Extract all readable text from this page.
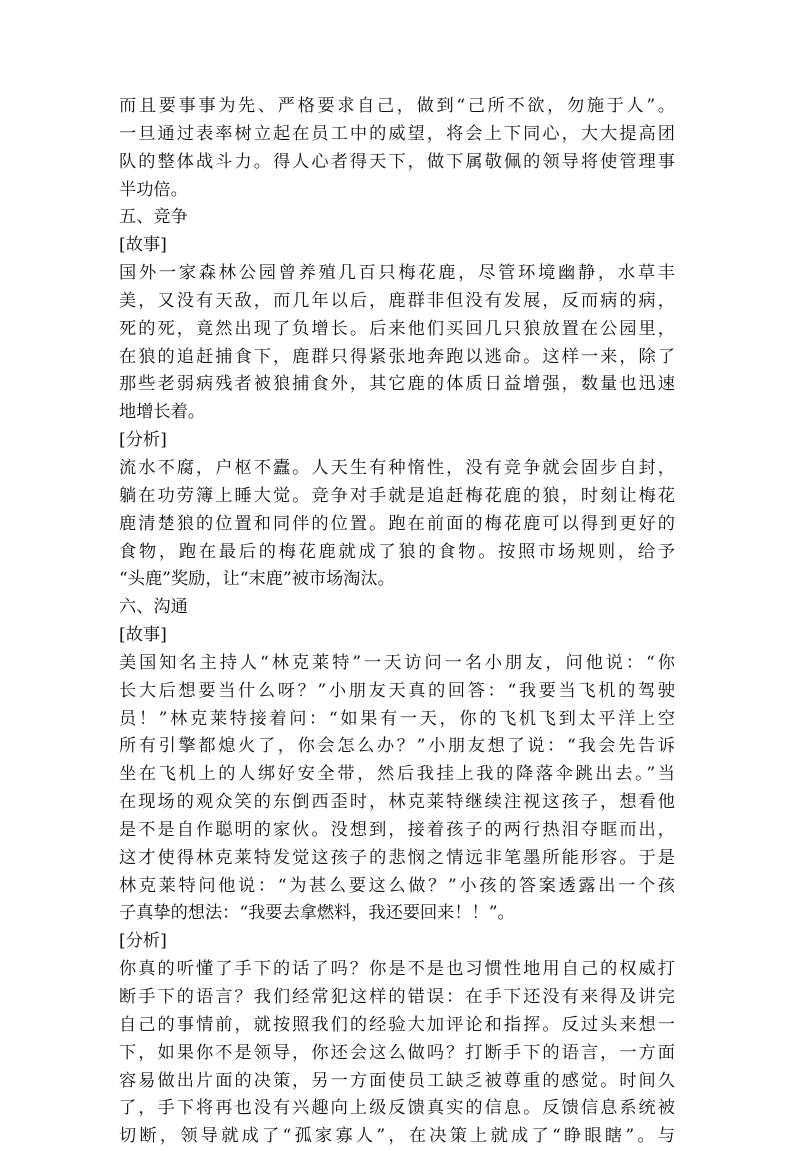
而且要事事为先、严格要求自己，做到“己所不欲，勿施于人”。
一旦通过表率树立起在员工中的威望，将会上下同心，大大提高团
队的整体战斗力。得人心者得天下，做下属敬佩的领导将使管理事
半功倍。
五、竞争
[故事]
国外一家森林公园曾养殖几百只梅花鹿，尽管环境幽静，水草丰
美，又没有天敌，而几年以后，鹿群非但没有发展，反而病的病，
死的死，竟然出现了负增长。后来他们买回几只狼放置在公园里，
在狼的追赶捕食下，鹿群只得紧张地奔跑以逃命。这样一来，除了
那些老弱病残者被狼捕食外，其它鹿的体质日益增强，数量也迅速
地增长着。
[分析]
流水不腐，户枢不蠹。人天生有种惰性，没有竞争就会固步自封，
躺在功劳簿上睡大觉。竞争对手就是追赶梅花鹿的狼，时刻让梅花
鹿清楚狼的位置和同伴的位置。跑在前面的梅花鹿可以得到更好的
食物，跑在最后的梅花鹿就成了狼的食物。按照市场规则，给予
“头鹿”奖励，让“末鹿”被市场淘汰。
六、沟通
[故事]
美国知名主持人“林克莱特”一天访问一名小朋友，问他说：“你
长大后想要当什么呀？”小朋友天真的回答：“我要当飞机的驾驶
员！”林克莱特接着问：“如果有一天，你的飞机飞到太平洋上空
所有引擎都熄火了，你会怎么办？”小朋友想了说：“我会先告诉
坐在飞机上的人绑好安全带，然后我挂上我的降落伞跳出去。”当
在现场的观众笑的东倒西歪时，林克莱特继续注视这孩子，想看他
是不是自作聪明的家伙。没想到，接着孩子的两行热泪夺眶而出，
这才使得林克莱特发觉这孩子的悲悯之情远非笔墨所能形容。于是
林克莱特问他说：“为甚么要这么做？”小孩的答案透露出一个孩
子真挚的想法：“我要去拿燃料，我还要回来！！”。
[分析]
你真的听懂了手下的话了吗？你是不是也习惯性地用自己的权威打
断手下的语言？我们经常犯这样的错误：在手下还没有来得及讲完
自己的事情前，就按照我们的经验大加评论和指挥。反过头来想一
下，如果你不是领导，你还会这么做吗？打断手下的语言，一方面
容易做出片面的决策，另一方面使员工缺乏被尊重的感觉。时间久
了，手下将再也没有兴趣向上级反馈真实的信息。反馈信息系统被
切断，领导就成了“孤家寡人”，在决策上就成了“睁眼瞎”。与
